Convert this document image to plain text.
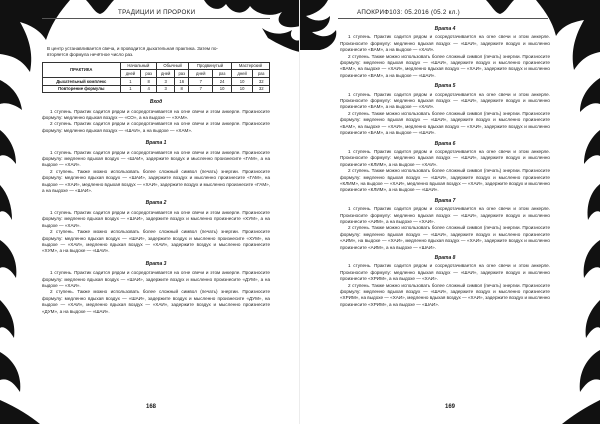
ТРАДИЦИИ И ПРОРОКИ

В центр устанавливается свеча, и проводится дыхательная практика. Затем по-

вторяется формула нечётное число раз.

ПРАКТИКА	Начальный		Обычный		Продвинутый		Мастерский	
	дней	раз	дней	раз	дней	раз	дней	раз
Дыхательный комплекс	1	8	3	16	7	24	10	32
Повторение формулы	1	4	3	8	7	10	10	32
Вход

1 ступень. Практик садится рядом и сосредотачивается на огне свечи и этом анкерле. Произносите формулу: медленно вдыхая воздух — «СО», а на выдохе — «ХАМ».

2 ступень. Практик садится рядом и сосредотачивается на огне свечи и этом анкерле. Произносите формулу: медленно вдыхая воздух — «ШАИ», а на выдохе — «ХАМ».

Врата 1

1 ступень. Практик садится рядом и сосредотачивается на огне свечи и этом анкерле. Произносите формулу: медленно вдыхая воздух — «ШАИ», задержите воздух и мысленно произнесите «ГАМ», а на выдохе — «ХАИ».

2 ступень. Также можно использовать более сложный символ (печать) энергии. Произносите формулу: медленно вдыхая воздух — «ШАИ», задержите воздух и мысленно произнесите «ГАМ», на выдохе — «ХАИ», медленно вдыхая воздух — «ХАИ», задержите воздух и мысленно произнесите «ГАМ», а на выдохе — «ШАИ».

Врата 2

1 ступень. Практик садится рядом и сосредотачивается на огне свечи и этом анкерле. Произносите формулу: медленно вдыхая воздух — «ШАИ», задержите воздух и мысленно произнесите «ХУМ», а на выдохе — «ХАИ».

2 ступень. Также можно использовать более сложный символ (печать) энергии. Произносите формулу: медленно вдыхая воздух — «ШАИ», задержите воздух и мысленно произнесите «ХУМ», на выдохе — «ХАИ», медленно вдыхая воздух — «ХАИ», задержите воздух и мысленно произнесите «ХУМ», а на выдохе — «ШАИ».

Врата 3

1 ступень. Практик садится рядом и сосредотачивается на огне свечи и этом анкерле. Произносите формулу: медленно вдыхая воздух — «ШАИ», задержите воздух и мысленно произнесите «ДУМ», а на выдохе — «ХАИ».

2 ступень. Также можно использовать более сложный символ (печать) энергии. Произносите формулу: медленно вдыхая воздух — «ШАИ», задержите воздух и мысленно произнесите «ДУМ», на выдохе — «ХАИ», медленно вдыхая воздух — «ХАИ», задержите воздух и мысленно произнесите «ДУМ», а на выдохе — «ШАИ».

168
АПОКРИФ103: 05.2016 (05.2 кл.)
Врата 4

1 ступень. Практик садится рядом и сосредотачивается на огне свечи и этом анкерле. Произносите формулу: медленно вдыхая воздух — «ШАИ», задержите воздух и мысленно произнесите «ВАМ», а на выдохе — «ХАИ».

2 ступень. Также можно использовать более сложный символ (печать) энергии. Произносите формулу: медленно вдыхая воздух — «ШАИ», задержите воздух и мысленно произнесите «ВАМ», на выдохе — «ХАИ», медленно вдыхая воздух — «ХАИ», задержите воздух и мысленно произнесите «ВАМ», а на выдохе — «ШАИ».

Врата 5

1 ступень. Практик садится рядом и сосредотачивается на огне свечи и этом анкерле. Произносите формулу: медленно вдыхая воздух — «ШАИ», задержите воздух и мысленно произнесите «БАМ», а на выдохе — «ХАИ».

2 ступень. Также можно использовать более сложный символ (печать) энергии. Произносите формулу: медленно вдыхая воздух — «ШАИ», задержите воздух и мысленно произнесите «БАМ», на выдохе — «ХАИ», медленно вдыхая воздух — «ХАИ», задержите воздух и мысленно произнесите «БАМ», а на выдохе — «ШАИ».

Врата 6

1 ступень. Практик садится рядом и сосредотачивается на огне свечи и этом анкерле. Произносите формулу: медленно вдыхая воздух — «ШАИ», задержите воздух и мысленно произнесите «КЛИМ», а на выдохе — «ХАИ».

2 ступень. Также можно использовать более сложный символ (печать) энергии. Произносите формулу: медленно вдыхая воздух — «ШАИ», задержите воздух и мысленно произнесите «КЛИМ», на выдохе — «ХАИ», медленно вдыхая воздух — «ХАИ», задержите воздух и мысленно произнесите «КЛИМ», а на выдохе — «ШАИ».

Врата 7

1 ступень. Практик садится рядом и сосредотачивается на огне свечи и этом анкерле. Произносите формулу: медленно вдыхая воздух — «ШАИ», задержите воздух и мысленно произнесите «АИМ», а на выдохе — «ХАИ».

2 ступень. Также можно использовать более сложный символ (печать) энергии. Произносите формулу: медленно вдыхая воздух — «ШАИ», задержите воздух и мысленно произнесите «АИМ», на выдохе — «ХАИ», медленно вдыхая воздух — «ХАИ», задержите воздух и мысленно произнесите «АИМ», а на выдохе — «ШАИ».

Врата 8

1 ступень. Практик садится рядом и сосредотачивается на огне свечи и этом анкерле. Произносите формулу: медленно вдыхая воздух — «ШАИ», задержите воздух и мысленно произнесите «ХРИМ», а на выдохе — «ХАИ».

2 ступень. Также можно использовать более сложный символ (печать) энергии. Произносите формулу: медленно вдыхая воздух — «ШАИ», задержите воздух и мысленно произнесите «ХРИМ», на выдохе — «ХАИ», медленно вдыхая воздух — «ХАИ», задержите воздух и мысленно произнесите «ХРИМ», а на выдохе — «ШАИ».

169
